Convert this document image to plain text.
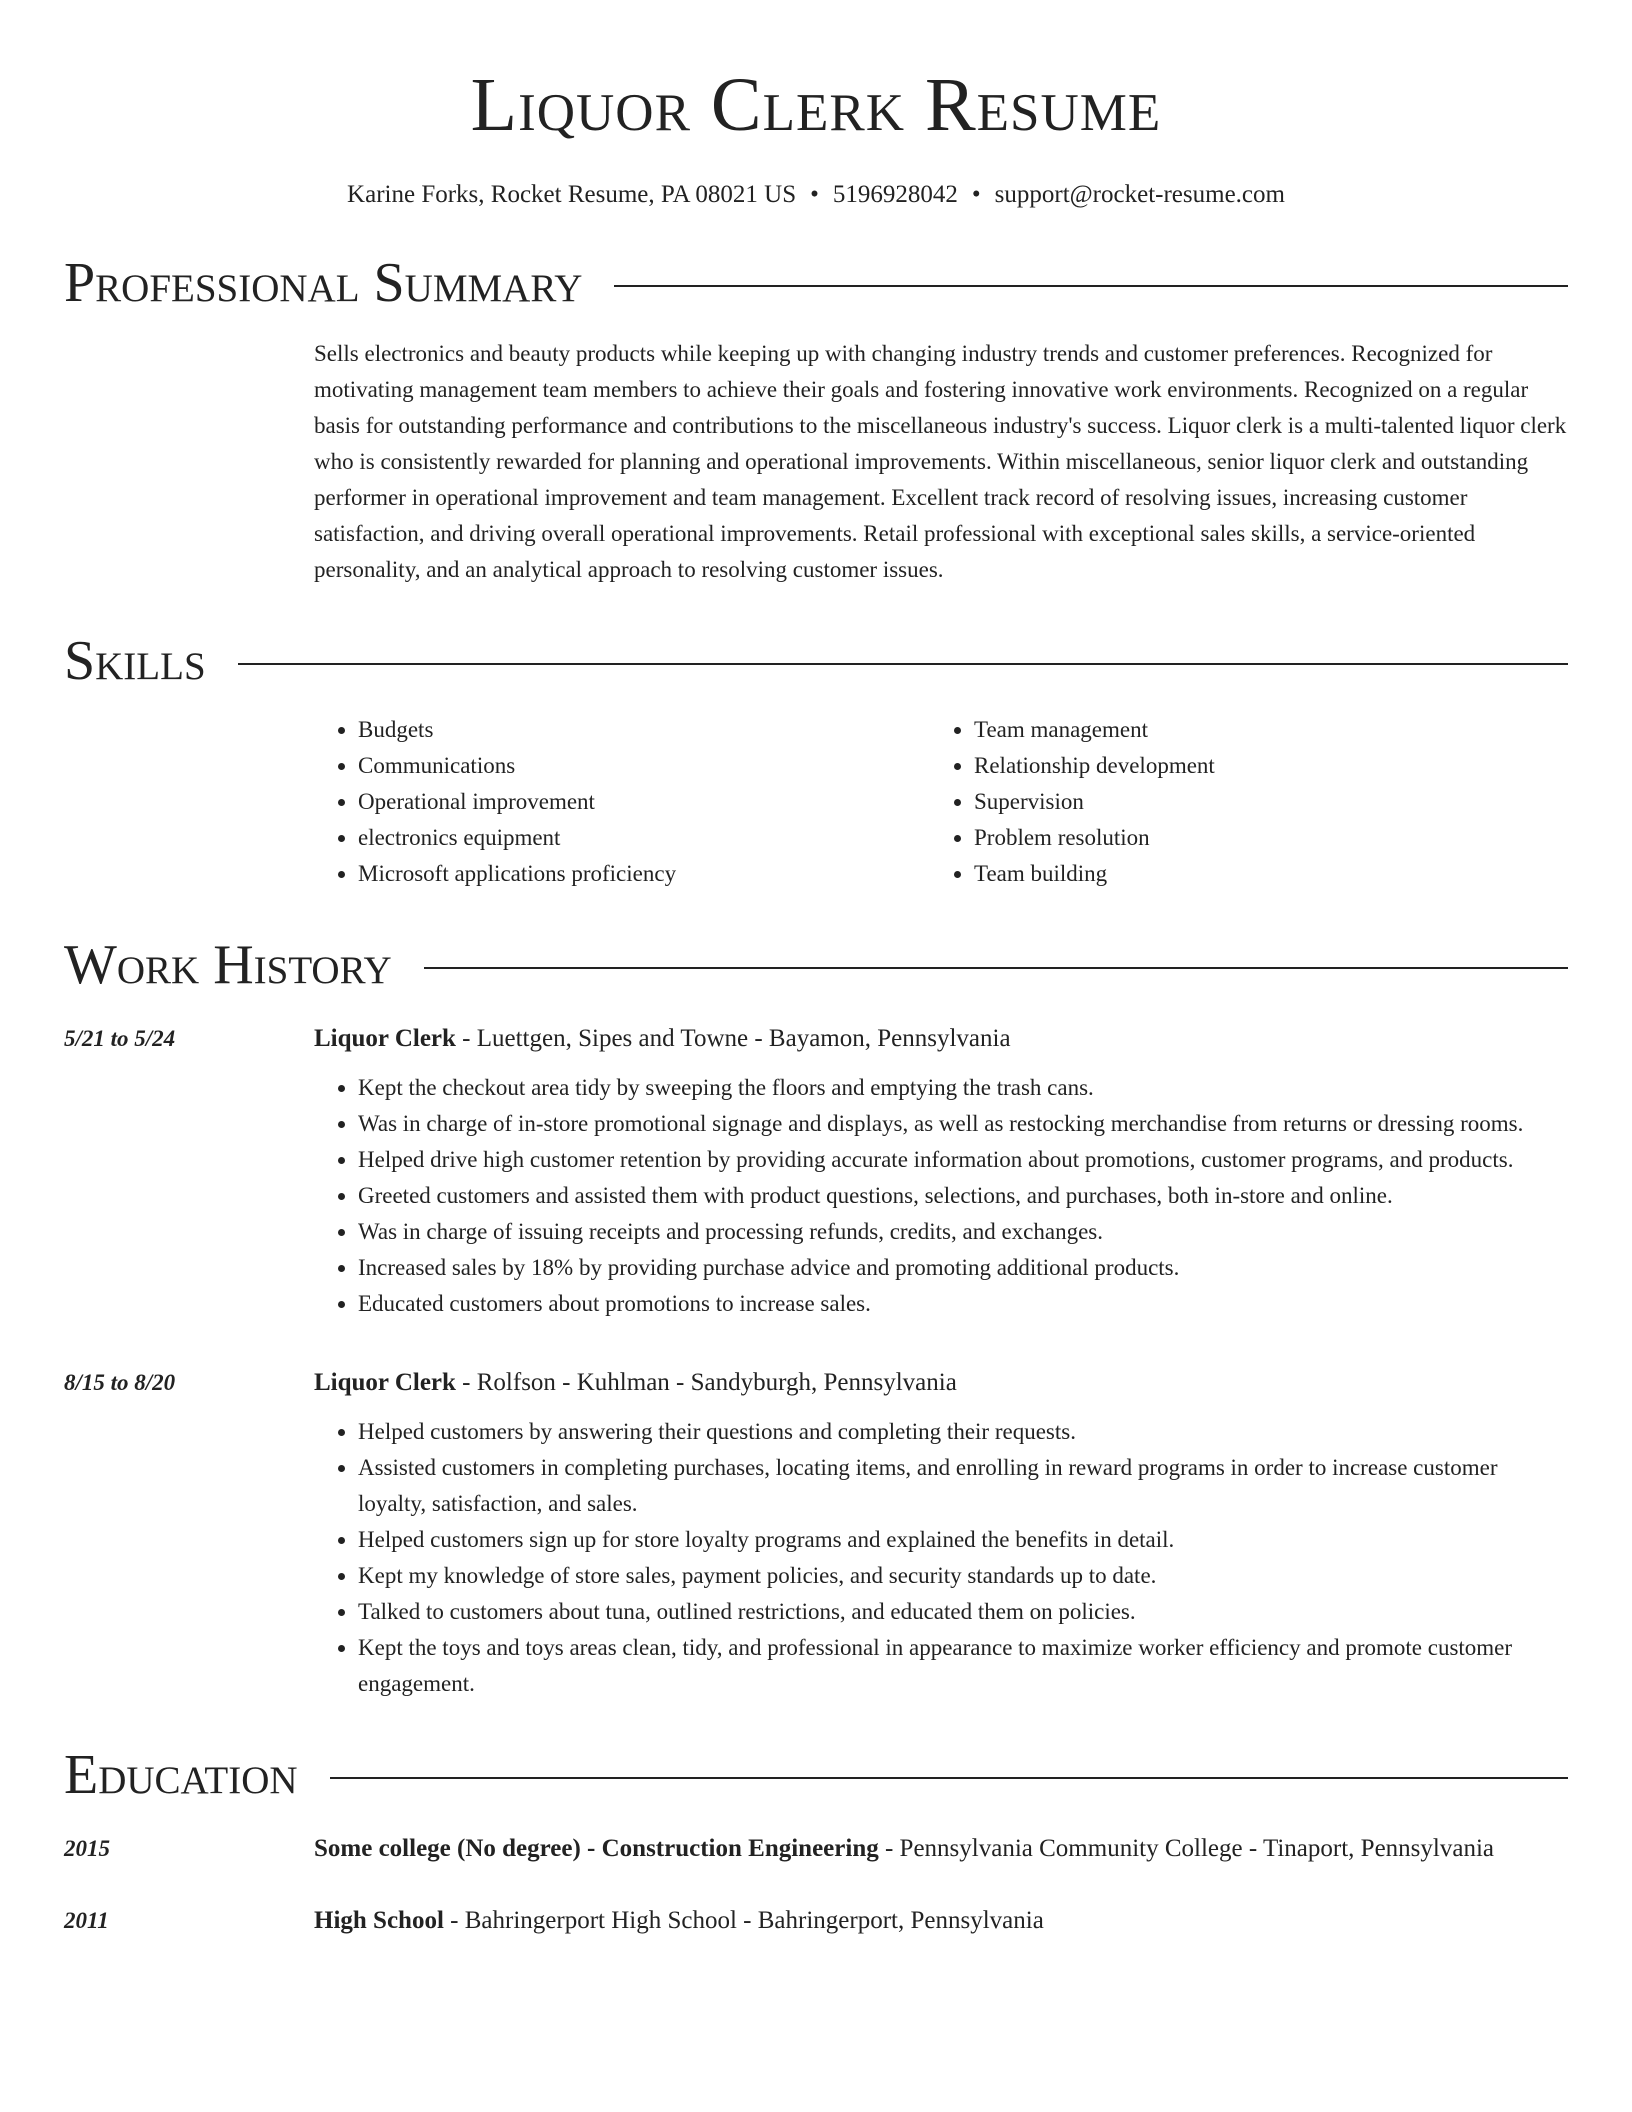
Liquor Clerk Resume
Karine Forks, Rocket Resume, PA 08021 US • 5196928042 • support@rocket-resume.com
Professional Summary
Sells electronics and beauty products while keeping up with changing industry trends and customer preferences. Recognized for motivating management team members to achieve their goals and fostering innovative work environments. Recognized on a regular basis for outstanding performance and contributions to the miscellaneous industry's success. Liquor clerk is a multi-talented liquor clerk who is consistently rewarded for planning and operational improvements. Within miscellaneous, senior liquor clerk and outstanding performer in operational improvement and team management. Excellent track record of resolving issues, increasing customer satisfaction, and driving overall operational improvements. Retail professional with exceptional sales skills, a service-oriented personality, and an analytical approach to resolving customer issues.
Skills
• Budgets
• Communications
• Operational improvement
• electronics equipment
• Microsoft applications proficiency
• Team management
• Relationship development
• Supervision
• Problem resolution
• Team building
Work History
5/21 to 5/24	Liquor Clerk - Luettgen, Sipes and Towne - Bayamon, Pennsylvania
• Kept the checkout area tidy by sweeping the floors and emptying the trash cans.
• Was in charge of in-store promotional signage and displays, as well as restocking merchandise from returns or dressing rooms.
• Helped drive high customer retention by providing accurate information about promotions, customer programs, and products.
• Greeted customers and assisted them with product questions, selections, and purchases, both in-store and online.
• Was in charge of issuing receipts and processing refunds, credits, and exchanges.
• Increased sales by 18% by providing purchase advice and promoting additional products.
• Educated customers about promotions to increase sales.
8/15 to 8/20	Liquor Clerk - Rolfson - Kuhlman - Sandyburgh, Pennsylvania
• Helped customers by answering their questions and completing their requests.
• Assisted customers in completing purchases, locating items, and enrolling in reward programs in order to increase customer loyalty, satisfaction, and sales.
• Helped customers sign up for store loyalty programs and explained the benefits in detail.
• Kept my knowledge of store sales, payment policies, and security standards up to date.
• Talked to customers about tuna, outlined restrictions, and educated them on policies.
• Kept the toys and toys areas clean, tidy, and professional in appearance to maximize worker efficiency and promote customer engagement.
Education
2015	Some college (No degree) - Construction Engineering - Pennsylvania Community College - Tinaport, Pennsylvania
2011	High School - Bahringerport High School - Bahringerport, Pennsylvania
